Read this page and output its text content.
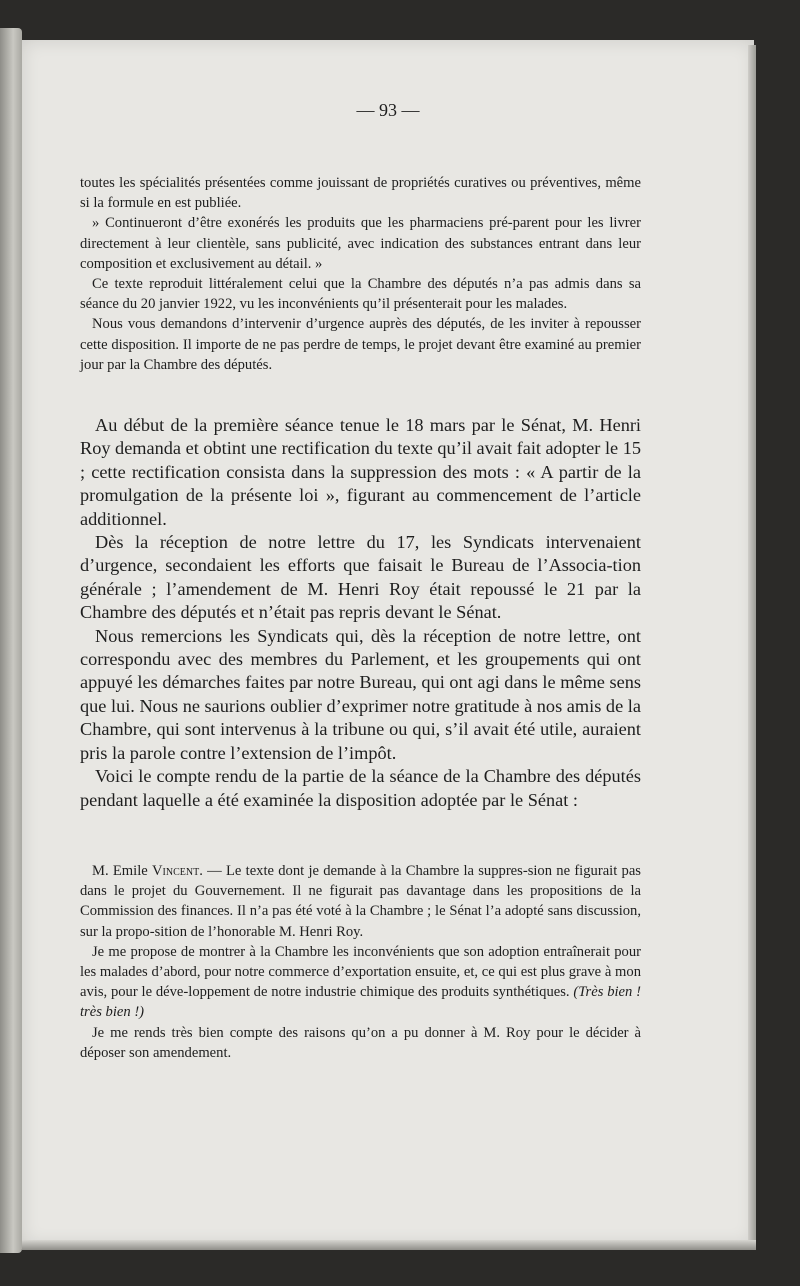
— 93 —

toutes les spécialités présentées comme jouissant de propriétés curatives ou préventives, même si la formule en est publiée.

» Continueront d’être exonérés les produits que les pharmaciens pré-parent pour les livrer directement à leur clientèle, sans publicité, avec indication des substances entrant dans leur composition et exclusivement au détail. »

Ce texte reproduit littéralement celui que la Chambre des députés n’a pas admis dans sa séance du 20 janvier 1922, vu les inconvénients qu’il présenterait pour les malades.

Nous vous demandons d’intervenir d’urgence auprès des députés, de les inviter à repousser cette disposition. Il importe de ne pas perdre de temps, le projet devant être examiné au premier jour par la Chambre des députés.

Au début de la première séance tenue le 18 mars par le Sénat, M. Henri Roy demanda et obtint une rectification du texte qu’il avait fait adopter le 15 ; cette rectification consista dans la suppression des mots : « A partir de la promulgation de la présente loi », figurant au commencement de l’article additionnel.

Dès la réception de notre lettre du 17, les Syndicats intervenaient d’urgence, secondaient les efforts que faisait le Bureau de l’Associa-tion générale ; l’amendement de M. Henri Roy était repoussé le 21 par la Chambre des députés et n’était pas repris devant le Sénat.

Nous remercions les Syndicats qui, dès la réception de notre lettre, ont correspondu avec des membres du Parlement, et les groupements qui ont appuyé les démarches faites par notre Bureau, qui ont agi dans le même sens que lui. Nous ne saurions oublier d’exprimer notre gratitude à nos amis de la Chambre, qui sont intervenus à la tribune ou qui, s’il avait été utile, auraient pris la parole contre l’extension de l’impôt.

Voici le compte rendu de la partie de la séance de la Chambre des députés pendant laquelle a été examinée la disposition adoptée par le Sénat :

M. Emile Vincent. — Le texte dont je demande à la Chambre la suppres-sion ne figurait pas dans le projet du Gouvernement. Il ne figurait pas davantage dans les propositions de la Commission des finances. Il n’a pas été voté à la Chambre ; le Sénat l’a adopté sans discussion, sur la propo-sition de l’honorable M. Henri Roy.

Je me propose de montrer à la Chambre les inconvénients que son adoption entraînerait pour les malades d’abord, pour notre commerce d’exportation ensuite, et, ce qui est plus grave à mon avis, pour le déve-loppement de notre industrie chimique des produits synthétiques. (Très bien ! très bien !)

Je me rends très bien compte des raisons qu’on a pu donner à M. Roy pour le décider à déposer son amendement.
